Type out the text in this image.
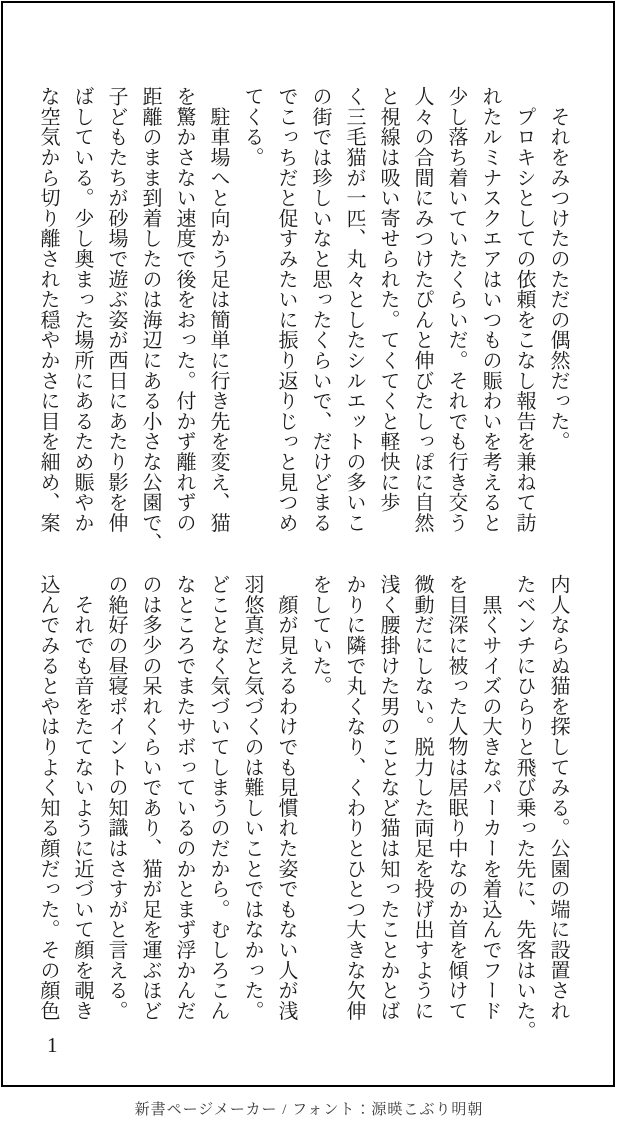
　それをみつけたのただの偶然だった。
　プロキシとしての依頼をこなし報告を兼ねて訪
れたルミナスクエアはいつもの賑わいを考えると
少し落ち着いていたくらいだ。それでも行き交う
人々の合間にみつけたぴんと伸びたしっぽに自然
と視線は吸い寄せられた。てくてくと軽快に歩
く三毛猫が一匹、丸々としたシルエットの多いこ
の街では珍しいなと思ったくらいで、だけどまる
でこっちだと促すみたいに振り返りじっと見つめ
てくる。
　駐車場へと向かう足は簡単に行き先を変え、猫
を驚かさない速度で後をおった。付かず離れずの
距離のまま到着したのは海辺にある小さな公園で、
子どもたちが砂場で遊ぶ姿が西日にあたり影を伸
ばしている。少し奥まった場所にあるため賑やか
な空気から切り離された穏やかさに目を細め、案
内人ならぬ猫を探してみる。公園の端に設置され
たベンチにひらりと飛び乗った先に、先客はいた。
　黒くサイズの大きなパーカーを着込んでフード
を目深に被った人物は居眠り中なのか首を傾けて
微動だにしない。脱力した両足を投げ出すように
浅く腰掛けた男のことなど猫は知ったことかとば
かりに隣で丸くなり、くわりとひとつ大きな欠伸
をしていた。
　顔が見えるわけでも見慣れた姿でもない人が浅
羽悠真だと気づくのは難しいことではなかった。
どことなく気づいてしまうのだから。むしろこん
なところでまたサボっているのかとまず浮かんだ
のは多少の呆れくらいであり、猫が足を運ぶほど
の絶好の昼寝ポイントの知識はさすがと言える。
　それでも音をたてないように近づいて顔を覗き
込んでみるとやはりよく知る顔だった。その顔色
1
新書ページメーカー / フォント：源暎こぶり明朝
